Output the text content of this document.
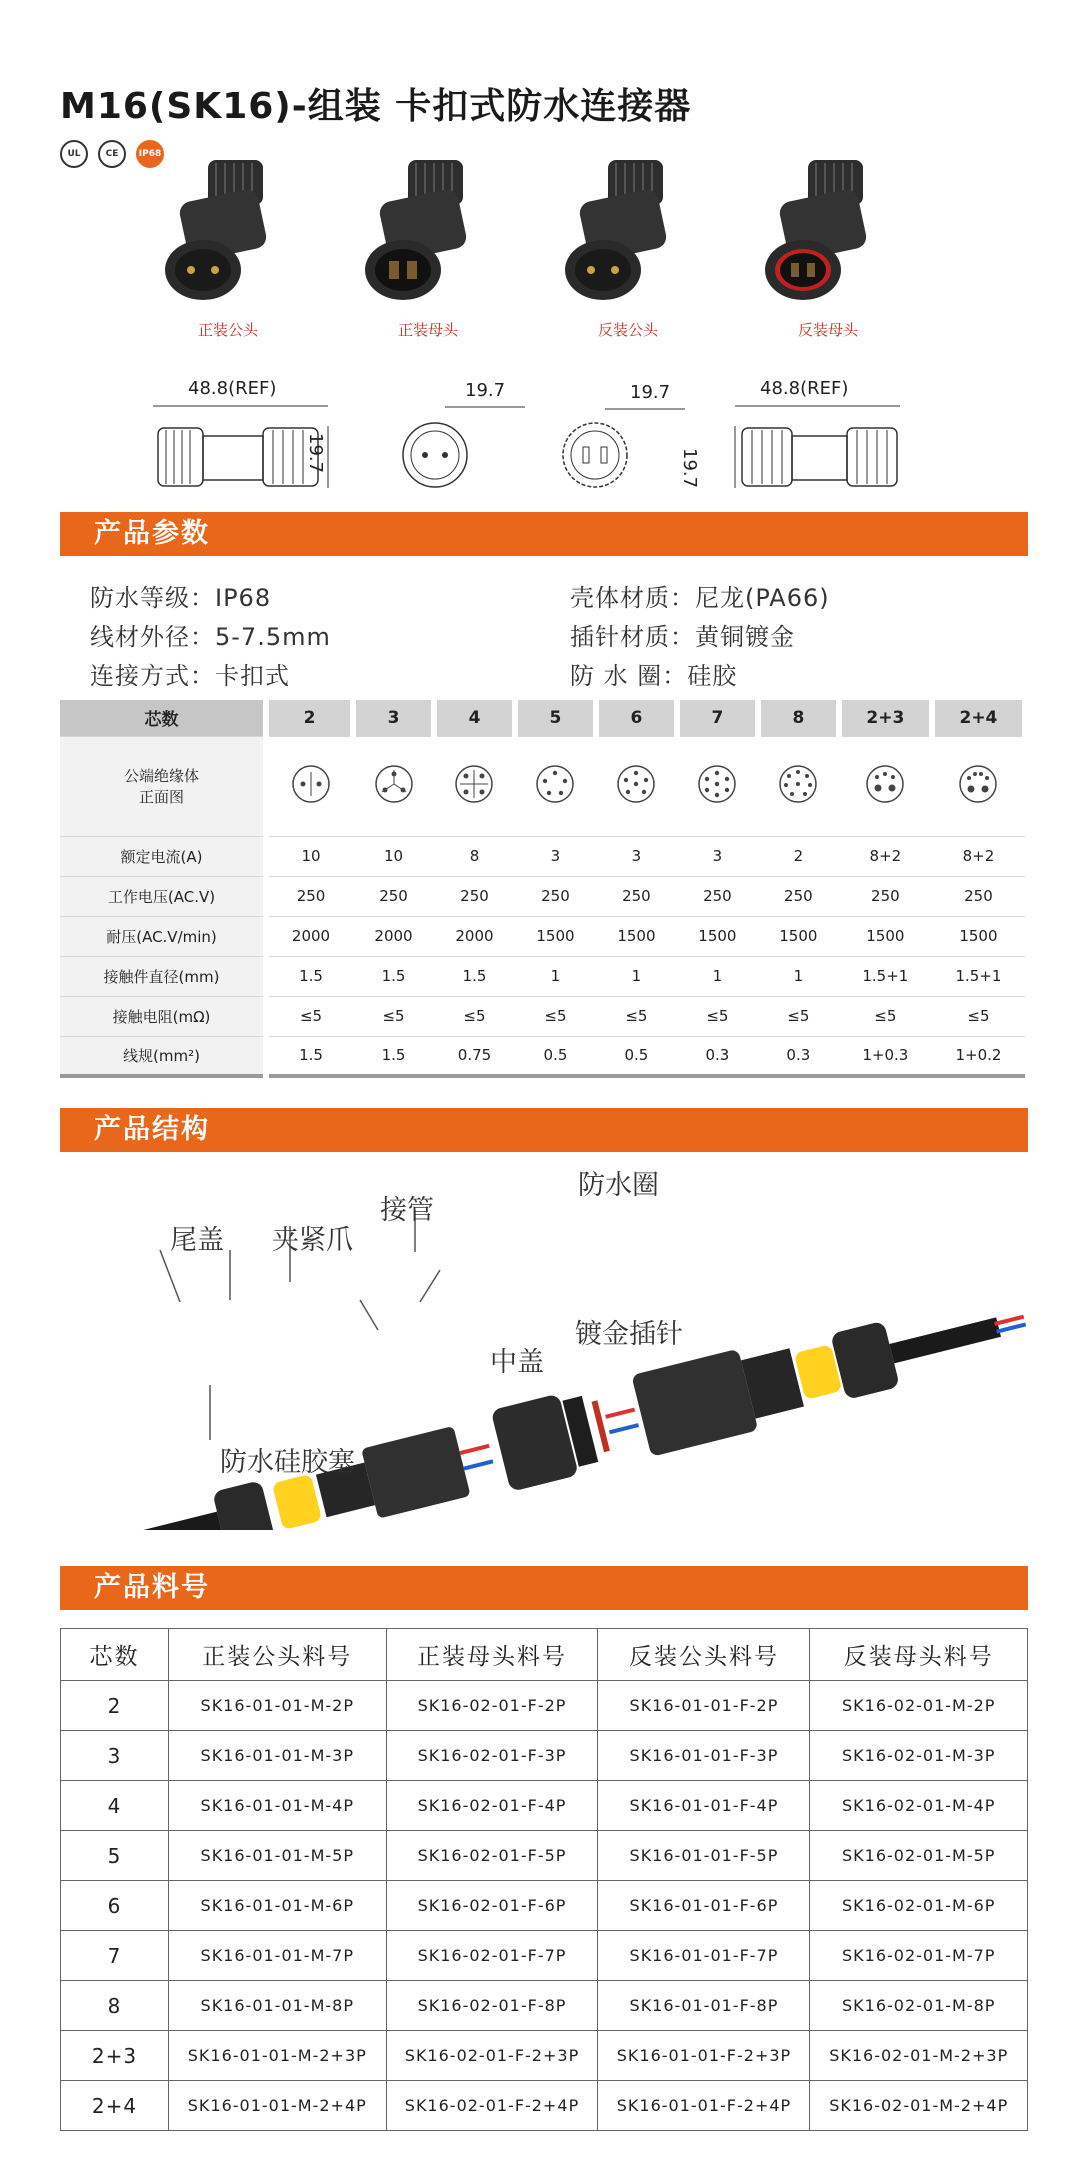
M16(SK16)-组装 卡扣式防水连接器
UL	CE	IP68
正装公头	正装母头	反装公头	反装母头
48.8(REF)
19.7
19.7	19.7	48.8(REF)
19.7
产品参数
防水等级：IP68	壳体材质：尼龙(PA66)
线材外径：5-7.5mm	插针材质：黄铜镀金
连接方式：卡扣式	防 水 圈：硅胶
芯数	2	3	4	5	6	7	8	2+3	2+4

公端绝缘体
正面图

额定电流(A)	10	10	8	3	3	3	2	8+2	8+2
工作电压(AC.V)	250	250	250	250	250	250	250	250	250
耐压(AC.V/min)	2000	2000	2000	1500	1500	1500	1500	1500	1500
接触件直径(mm)	1.5	1.5	1.5	1	1	1	1	1.5+1	1.5+1
接触电阻(mΩ)	≤5	≤5	≤5	≤5	≤5	≤5	≤5	≤5	≤5
线规(mm²)	1.5	1.5	0.75	0.5	0.5	0.3	0.3	1+0.3	1+0.2
产品结构
尾盖 夹紧爪
接管
防水圈
中盖
镀金插针
防水硅胶塞
产品料号
芯数	正装公头料号	正装母头料号	反装公头料号	反装母头料号
2	SK16-01-01-M-2P	SK16-02-01-F-2P	SK16-01-01-F-2P	SK16-02-01-M-2P
3	SK16-01-01-M-3P	SK16-02-01-F-3P	SK16-01-01-F-3P	SK16-02-01-M-3P
4	SK16-01-01-M-4P	SK16-02-01-F-4P	SK16-01-01-F-4P	SK16-02-01-M-4P
5	SK16-01-01-M-5P	SK16-02-01-F-5P	SK16-01-01-F-5P	SK16-02-01-M-5P
6	SK16-01-01-M-6P	SK16-02-01-F-6P	SK16-01-01-F-6P	SK16-02-01-M-6P
7	SK16-01-01-M-7P	SK16-02-01-F-7P	SK16-01-01-F-7P	SK16-02-01-M-7P
8	SK16-01-01-M-8P	SK16-02-01-F-8P	SK16-01-01-F-8P	SK16-02-01-M-8P
2+3	SK16-01-01-M-2+3P	SK16-02-01-F-2+3P	SK16-01-01-F-2+3P	SK16-02-01-M-2+3P
2+4	SK16-01-01-M-2+4P	SK16-02-01-F-2+4P	SK16-01-01-F-2+4P	SK16-02-01-M-2+4P
